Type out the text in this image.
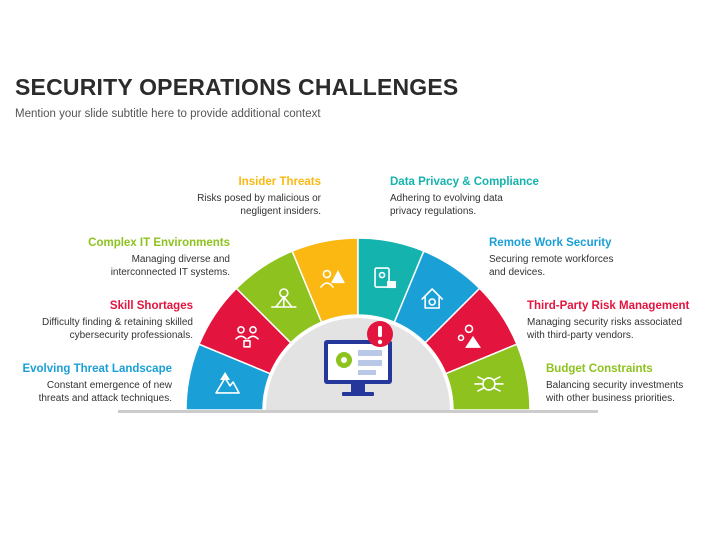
SECURITY OPERATIONS CHALLENGES
Mention your slide subtitle here to provide additional context
Evolving Threat Landscape
Constant emergence of new
threats and attack techniques.
Skill Shortages
Difficulty finding & retaining skilled
cybersecurity professionals.
Complex IT Environments
Managing diverse and
interconnected IT systems.
Insider Threats
Risks posed by malicious or
negligent insiders.
Data Privacy & Compliance
Adhering to evolving data
privacy regulations.
Remote Work Security
Securing remote workforces
and devices.
Third-Party Risk Management
Managing security risks associated
with third-party vendors.
Budget Constraints
Balancing security investments
with other business priorities.
